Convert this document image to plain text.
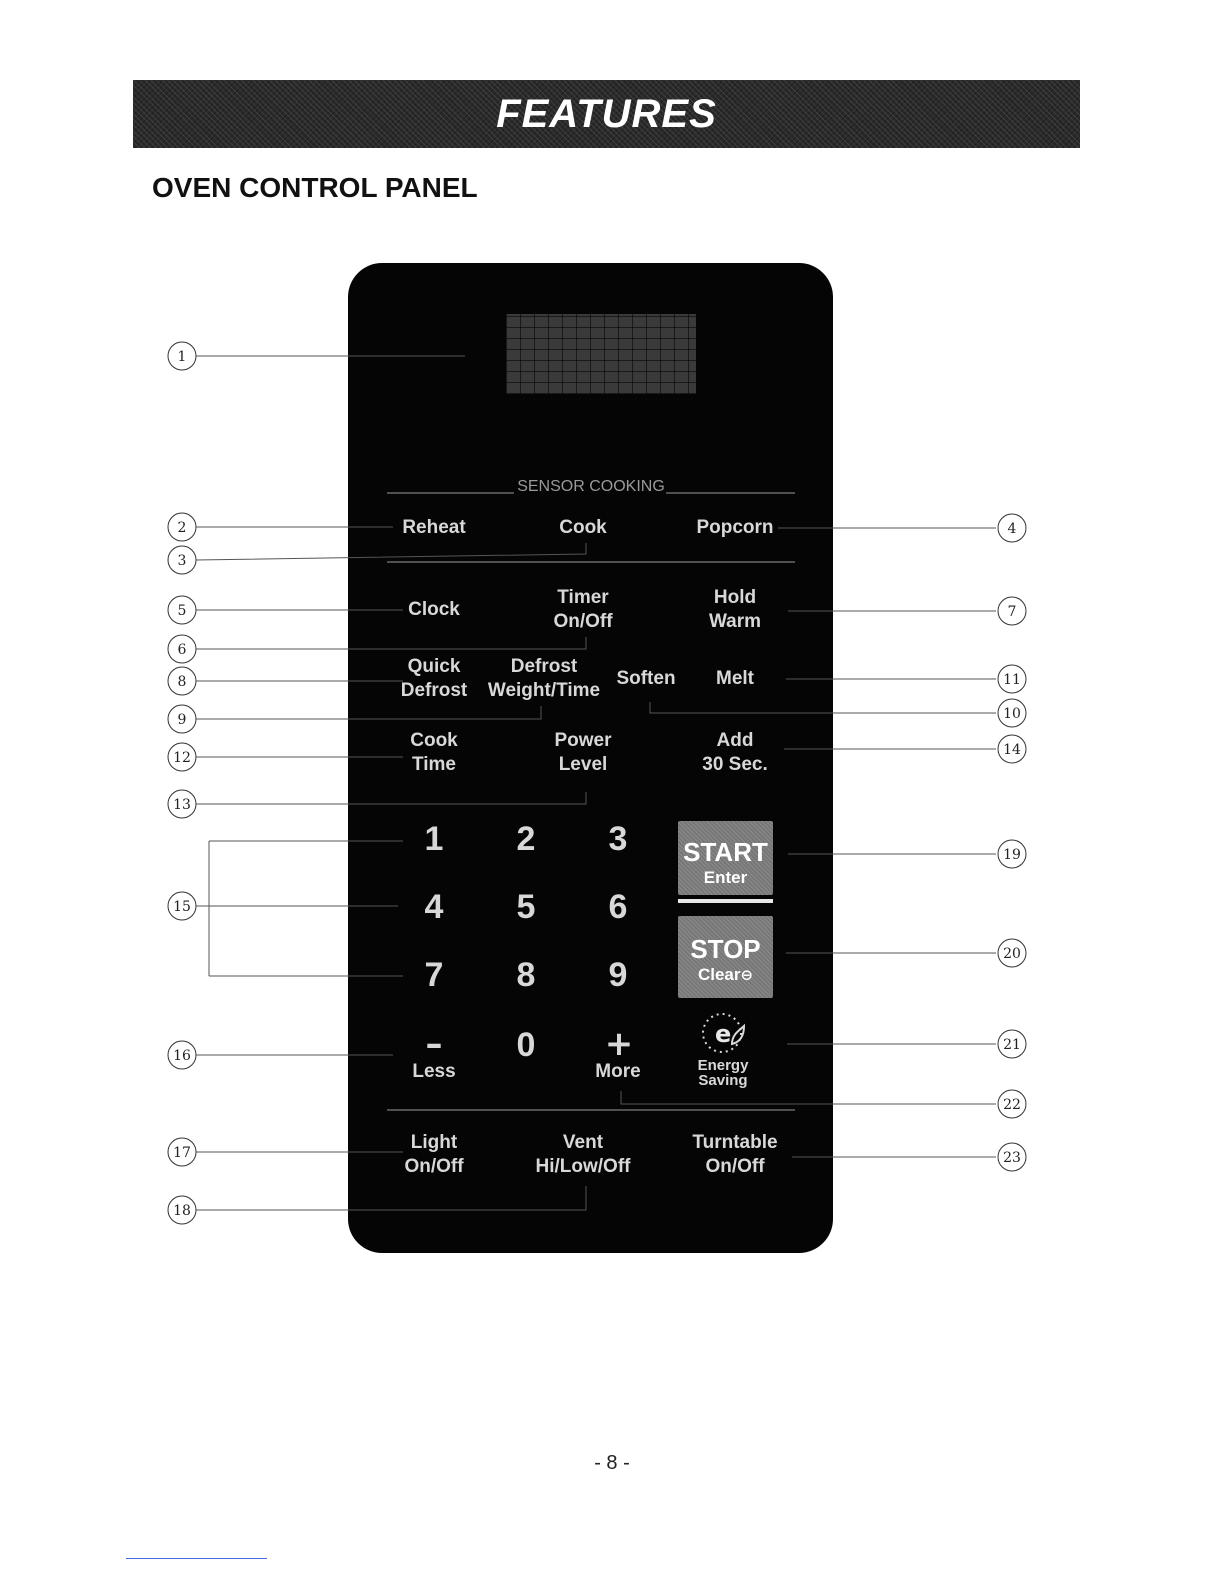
FEATURES
OVEN CONTROL PANEL
1
2
3
4
5
6
7
8
9	10
11
12
13
14
15
16
17
18
19
20
21
22
23
SENSOR COOKING
Reheat	Cook	Popcorn
Clock
Timer
On/Off
Hold
Warm
Quick
Defrost
Defrost
Weight/Time
Soften Melt
Cook
Time
Power
Level
Add
30 Sec.
1	2	3
4	5	6
7	8	9
0
–
Less
+
More
e
Energy
Saving
START
Enter
STOP
Clear⊖
Light
On/Off
Vent
Hi/Low/Off
Turntable
On/Off
- 8 -
